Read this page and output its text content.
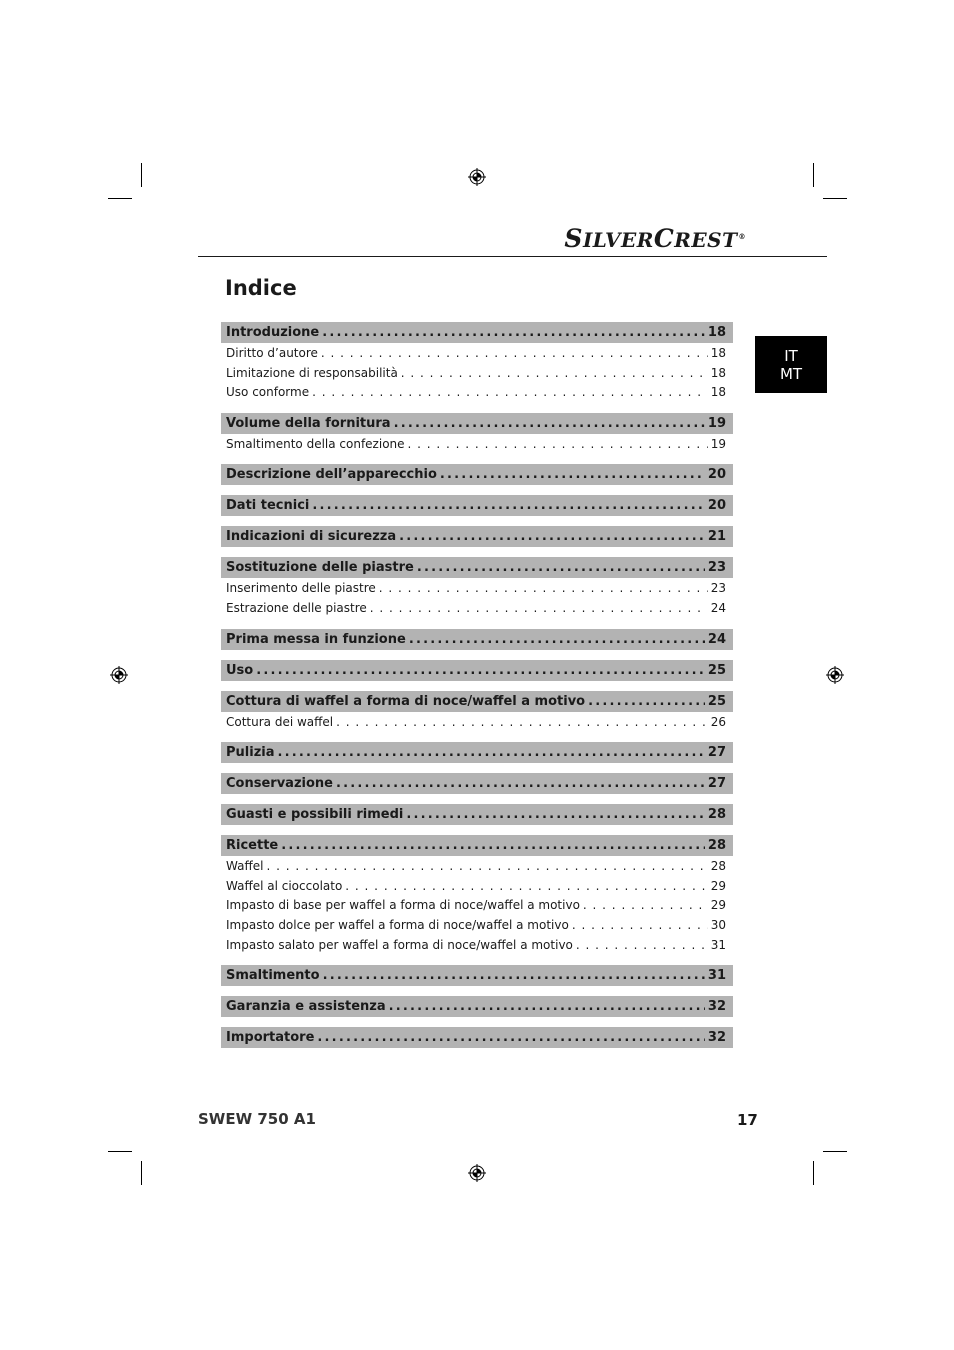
SILVERCREST®
Indice
IT
MT
Introduzione .....	18
Diritto d’autore . . .	18
Limitazione di responsabilità . . .	18
Uso conforme . . .	18
Volume della fornitura .....	19
Smaltimento della confezione . . .	19
Descrizione dell’apparecchio .....	20
Dati tecnici .....	20
Indicazioni di sicurezza .....	21
Sostituzione delle piastre .....	23
Inserimento delle piastre . . .	23
Estrazione delle piastre . . .	24
Prima messa in funzione .....	24
Uso .....	25
Cottura di waffel a forma di noce/waffel a motivo .....	25
Cottura dei waffel . . .	26
Pulizia .....	27
Conservazione .....	27
Guasti e possibili rimedi .....	28
Ricette .....	28
Waffel . . .	28
Waffel al cioccolato . . .	29
Impasto di base per waffel a forma di noce/waffel a motivo . . .	29
Impasto dolce per waffel a forma di noce/waffel a motivo . . .	30
Impasto salato per waffel a forma di noce/waffel a motivo . . .	31
Smaltimento .....	31
Garanzia e assistenza .....	32
Importatore .....	32
SWEW 750 A1	17
